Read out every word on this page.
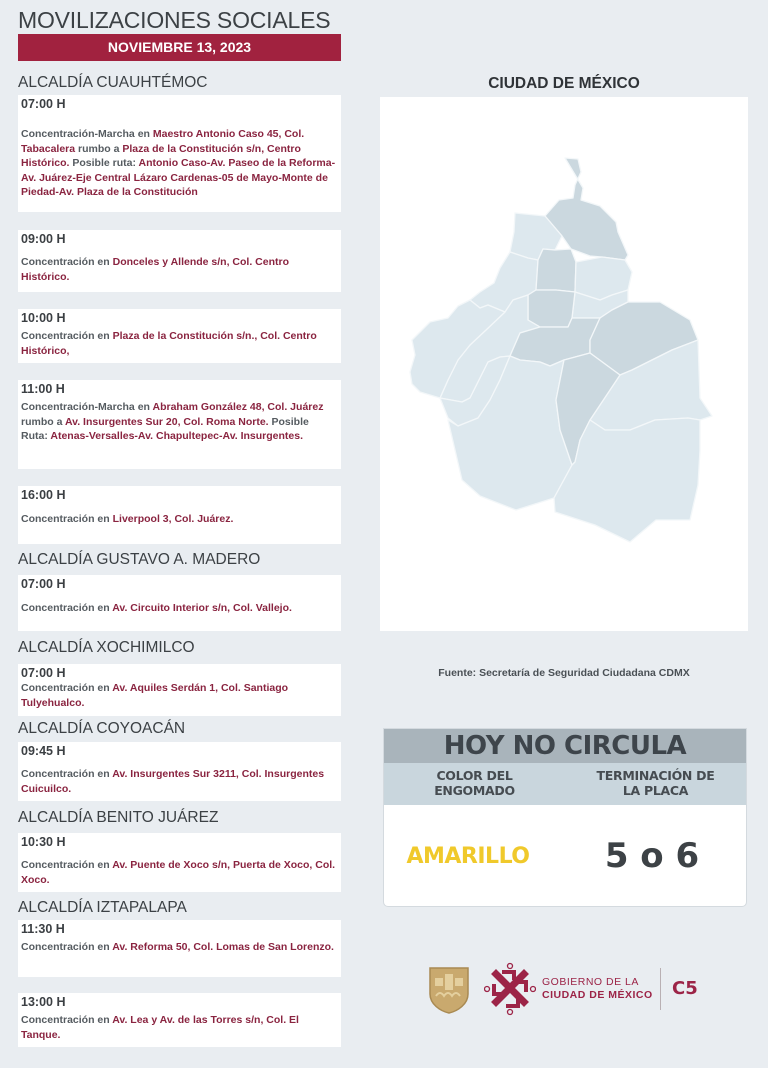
MOVILIZACIONES SOCIALES
NOVIEMBRE 13, 2023
ALCALDÍA CUAUHTÉMOC
07:00 H
Concentración-Marcha en Maestro Antonio Caso 45, Col. Tabacalera rumbo a Plaza de la Constitución s/n, Centro Histórico. Posible ruta: Antonio Caso-Av. Paseo de la Reforma-Av. Juárez-Eje Central Lázaro Cardenas-05 de Mayo-Monte de Piedad-Av. Plaza de la Constitución
09:00 H
Concentración en Donceles y Allende s/n, Col. Centro Histórico.
10:00 H
Concentración en Plaza de la Constitución s/n., Col. Centro Histórico,
11:00 H
Concentración-Marcha en Abraham González 48, Col. Juárez rumbo a Av. Insurgentes Sur 20, Col. Roma Norte. Posible Ruta: Atenas-Versalles-Av. Chapultepec-Av. Insurgentes.
16:00 H
Concentración en Liverpool 3, Col. Juárez.
ALCALDÍA GUSTAVO A. MADERO
07:00 H
Concentración en Av. Circuito Interior s/n, Col. Vallejo.
ALCALDÍA XOCHIMILCO
07:00 H
Concentración en Av. Aquiles Serdán 1, Col. Santiago Tulyehualco.
ALCALDÍA COYOACÁN
09:45 H
Concentración en Av. Insurgentes Sur 3211, Col. Insurgentes Cuicuilco.
ALCALDÍA BENITO JUÁREZ
10:30 H
Concentración en Av. Puente de Xoco s/n, Puerta de Xoco, Col. Xoco.
ALCALDÍA IZTAPALAPA
11:30 H
Concentración en Av. Reforma 50, Col. Lomas de San Lorenzo.
13:00 H
Concentración en Av. Lea y Av. de las Torres s/n, Col. El Tanque.
CIUDAD DE MÉXICO
Fuente: Secretaría de Seguridad Ciudadana CDMX
HOY NO CIRCULA
COLOR DEL
ENGOMADO
TERMINACIÓN DE
LA PLACA
AMARILLO	5 o 6
GOBIERNO DE LA
CIUDAD DE MÉXICO C5
